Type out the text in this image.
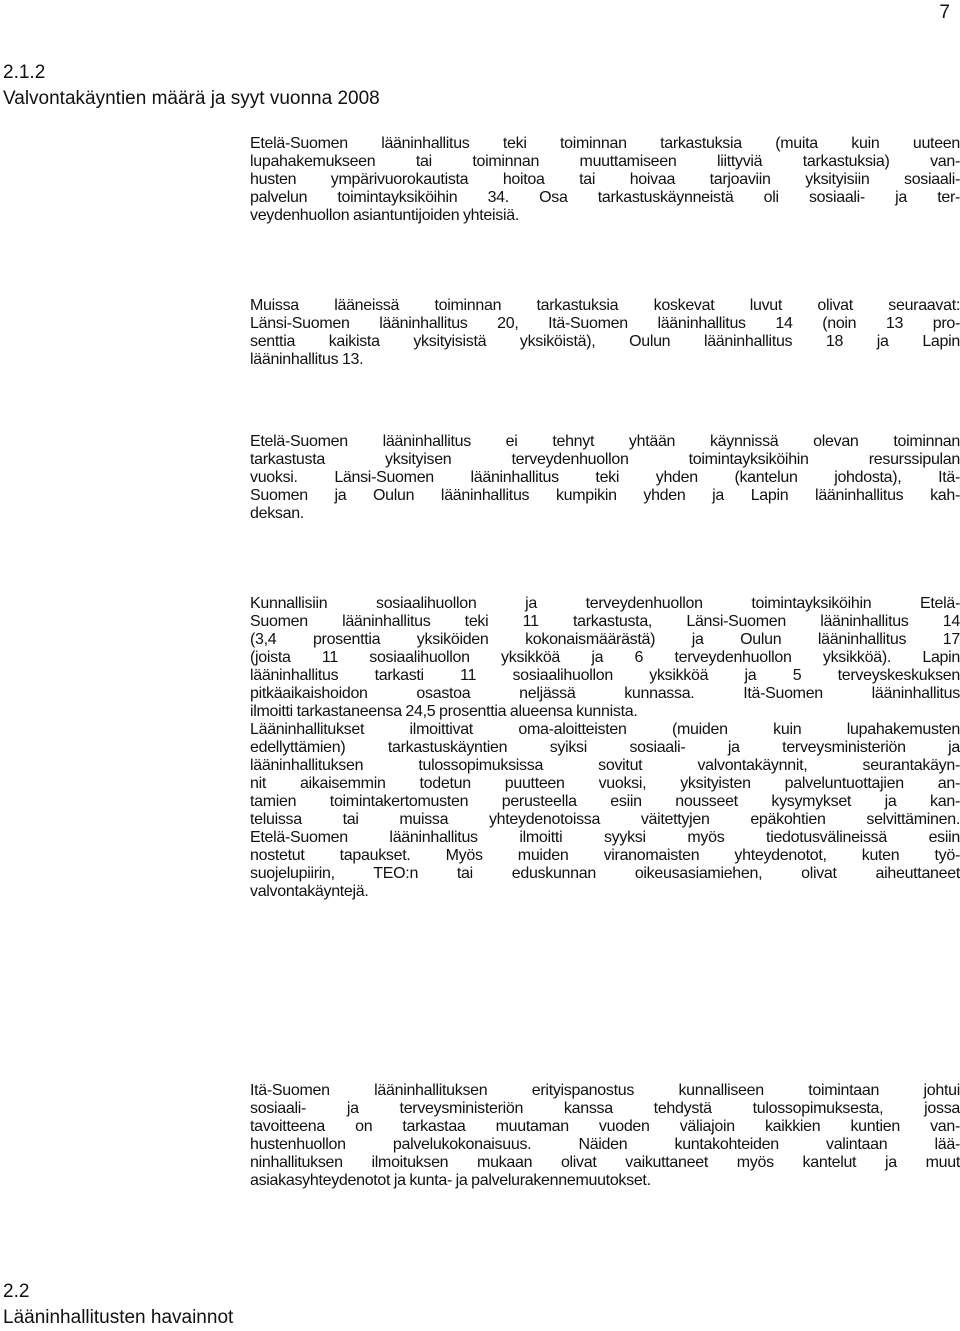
7
2.1.2
Valvontakäyntien määrä ja syyt vuonna 2008
Etelä-Suomen lääninhallitus teki toiminnan tarkastuksia (muita kuin uuteen
lupahakemukseen tai toiminnan muuttamiseen liittyviä tarkastuksia) van-
husten ympärivuorokautista hoitoa tai hoivaa tarjoaviin yksityisiin sosiaali-
palvelun toimintayksiköihin 34. Osa tarkastuskäynneistä oli sosiaali- ja ter-
veydenhuollon asiantuntijoiden yhteisiä.
Muissa lääneissä toiminnan tarkastuksia koskevat luvut olivat seuraavat:
Länsi-Suomen lääninhallitus 20, Itä-Suomen lääninhallitus 14 (noin 13 pro-
senttia kaikista yksityisistä yksiköistä), Oulun lääninhallitus 18 ja Lapin
lääninhallitus 13.
Etelä-Suomen lääninhallitus ei tehnyt yhtään käynnissä olevan toiminnan
tarkastusta yksityisen terveydenhuollon toimintayksiköihin resurssipulan
vuoksi. Länsi-Suomen lääninhallitus teki yhden (kantelun johdosta), Itä-
Suomen ja Oulun lääninhallitus kumpikin yhden ja Lapin lääninhallitus kah-
deksan.
Kunnallisiin sosiaalihuollon ja terveydenhuollon toimintayksiköihin Etelä-
Suomen lääninhallitus teki 11 tarkastusta, Länsi-Suomen lääninhallitus 14
(3,4 prosenttia yksiköiden kokonaismäärästä) ja Oulun lääninhallitus 17
(joista 11 sosiaalihuollon yksikköä ja 6 terveydenhuollon yksikköä). Lapin
lääninhallitus tarkasti 11 sosiaalihuollon yksikköä ja 5 terveyskeskuksen
pitkäaikaishoidon osastoa neljässä kunnassa. Itä-Suomen lääninhallitus
ilmoitti tarkastaneensa 24,5 prosenttia alueensa kunnista.
Lääninhallitukset ilmoittivat oma-aloitteisten (muiden kuin lupahakemusten
edellyttämien) tarkastuskäyntien syiksi sosiaali- ja terveysministeriön ja
lääninhallituksen tulossopimuksissa sovitut valvontakäynnit, seurantakäyn-
nit aikaisemmin todetun puutteen vuoksi, yksityisten palveluntuottajien an-
tamien toimintakertomusten perusteella esiin nousseet kysymykset ja kan-
teluissa tai muissa yhteydenotoissa väitettyjen epäkohtien selvittäminen.
Etelä-Suomen lääninhallitus ilmoitti syyksi myös tiedotusvälineissä esiin
nostetut tapaukset. Myös muiden viranomaisten yhteydenotot, kuten työ-
suojelupiirin, TEO:n tai eduskunnan oikeusasiamiehen, olivat aiheuttaneet
valvontakäyntejä.
Itä-Suomen lääninhallituksen erityispanostus kunnalliseen toimintaan johtui
sosiaali- ja terveysministeriön kanssa tehdystä tulossopimuksesta, jossa
tavoitteena on tarkastaa muutaman vuoden väliajoin kaikkien kuntien van-
hustenhuollon palvelukokonaisuus. Näiden kuntakohteiden valintaan lää-
ninhallituksen ilmoituksen mukaan olivat vaikuttaneet myös kantelut ja muut
asiakasyhteydenotot ja kunta- ja palvelurakennemuutokset.
2.2
Lääninhallitusten havainnot
